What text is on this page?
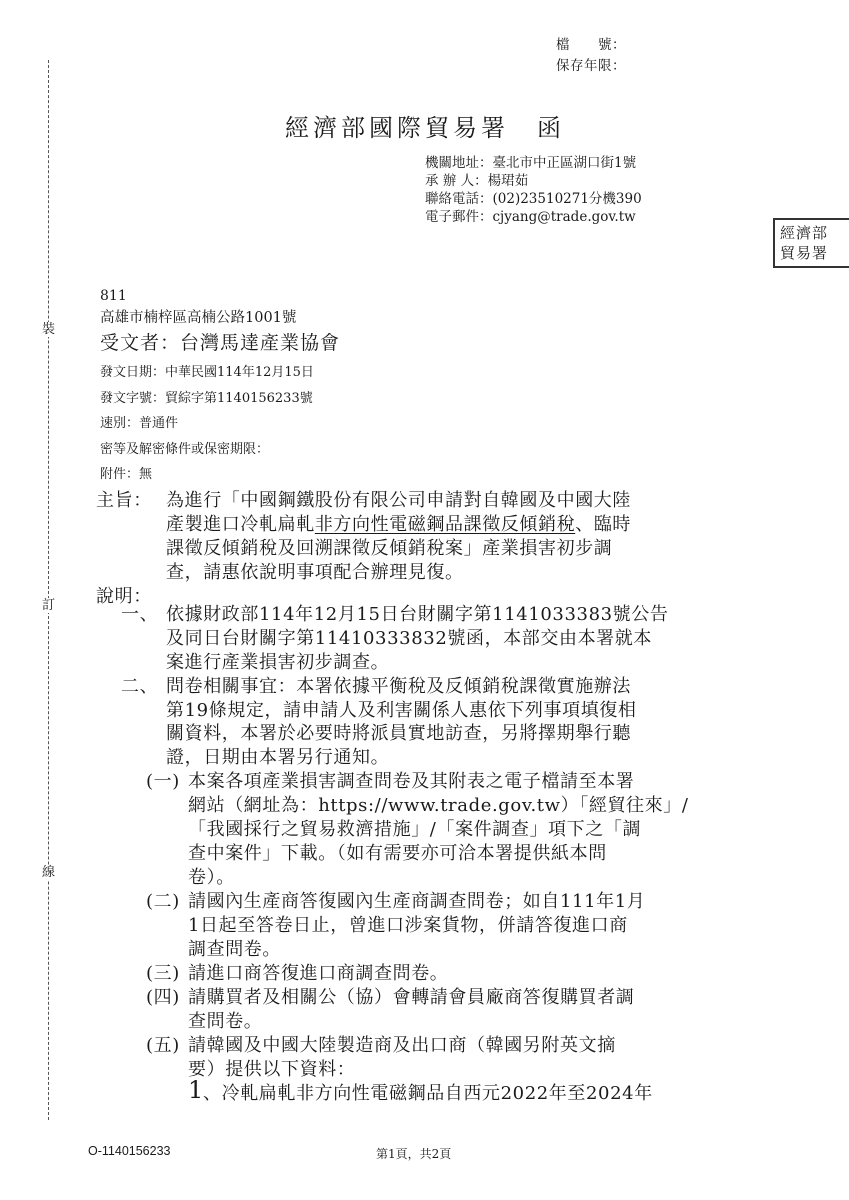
裝
訂
線
檔　　號：
保存年限：
經濟部國際貿易署　函
機關地址：臺北市中正區湖口街1號
承 辦 人：楊珺茹
聯絡電話：(02)23510271分機390
電子郵件：cjyang@trade.gov.tw
經濟部
貿易署
811
高雄市楠梓區高楠公路1001號
受文者：台灣馬達產業協會
發文日期：中華民國114年12月15日
發文字號：貿綜字第1140156233號
速別：普通件
密等及解密條件或保密期限：
附件：無
主旨： 為進行「中國鋼鐵股份有限公司申請對自韓國及中國大陸
產製進口冷軋扁軋非方向性電磁鋼品課徵反傾銷稅、臨時
課徵反傾銷稅及回溯課徵反傾銷稅案」產業損害初步調
查，請惠依說明事項配合辦理見復。
說明：
一、 依據財政部114年12月15日台財關字第1141033383號公告
及同日台財關字第11410333832號函，本部交由本署就本
案進行產業損害初步調查。
二、 問卷相關事宜：本署依據平衡稅及反傾銷稅課徵實施辦法
第19條規定，請申請人及利害關係人惠依下列事項填復相
關資料，本署於必要時將派員實地訪查，另將擇期舉行聽
證，日期由本署另行通知。
(一) 本案各項產業損害調查問卷及其附表之電子檔請至本署
網站（網址為：https://www.trade.gov.tw）「經貿往來」/
「我國採行之貿易救濟措施」/「案件調查」項下之「調
查中案件」下載。（如有需要亦可洽本署提供紙本問
卷）。
(二) 請國內生產商答復國內生產商調查問卷；如自111年1月
1日起至答卷日止，曾進口涉案貨物，併請答復進口商
調查問卷。
(三) 請進口商答復進口商調查問卷。
(四) 請購買者及相關公（協）會轉請會員廠商答復購買者調
查問卷。
(五) 請韓國及中國大陸製造商及出口商（韓國另附英文摘
要）提供以下資料：
1 、冷軋扁軋非方向性電磁鋼品自西元2022年至2024年
O-1140156233	第1頁，共2頁
